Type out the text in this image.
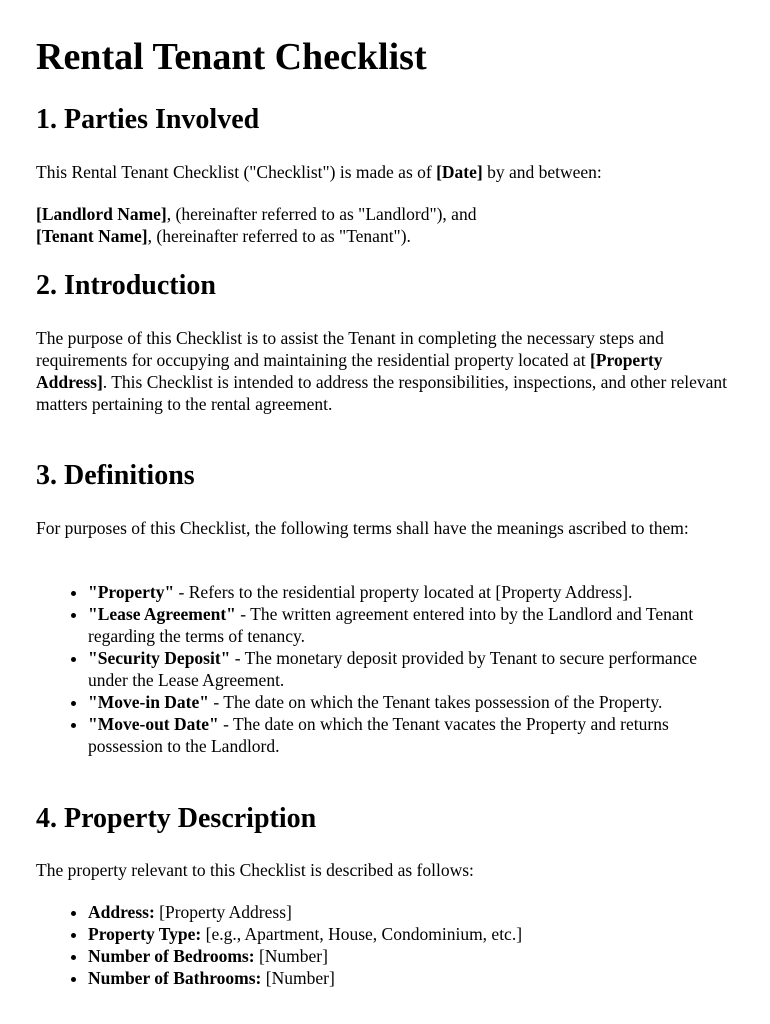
Rental Tenant Checklist
1. Parties Involved

This Rental Tenant Checklist ("Checklist") is made as of [Date] by and between:

[Landlord Name], (hereinafter referred to as "Landlord"), and
[Tenant Name], (hereinafter referred to as "Tenant").

2. Introduction

The purpose of this Checklist is to assist the Tenant in completing the necessary steps and requirements for occupying and maintaining the residential property located at [Property Address]. This Checklist is intended to address the responsibilities, inspections, and other relevant matters pertaining to the rental agreement.

3. Definitions

For purposes of this Checklist, the following terms shall have the meanings ascribed to them:

• "Property" - Refers to the residential property located at [Property Address].
• "Lease Agreement" - The written agreement entered into by the Landlord and Tenant regarding the terms of tenancy.
• "Security Deposit" - The monetary deposit provided by Tenant to secure performance under the Lease Agreement.
• "Move-in Date" - The date on which the Tenant takes possession of the Property.
• "Move-out Date" - The date on which the Tenant vacates the Property and returns possession to the Landlord.
4. Property Description

The property relevant to this Checklist is described as follows:

• Address: [Property Address]
• Property Type: [e.g., Apartment, House, Condominium, etc.]
• Number of Bedrooms: [Number]
• Number of Bathrooms: [Number]
